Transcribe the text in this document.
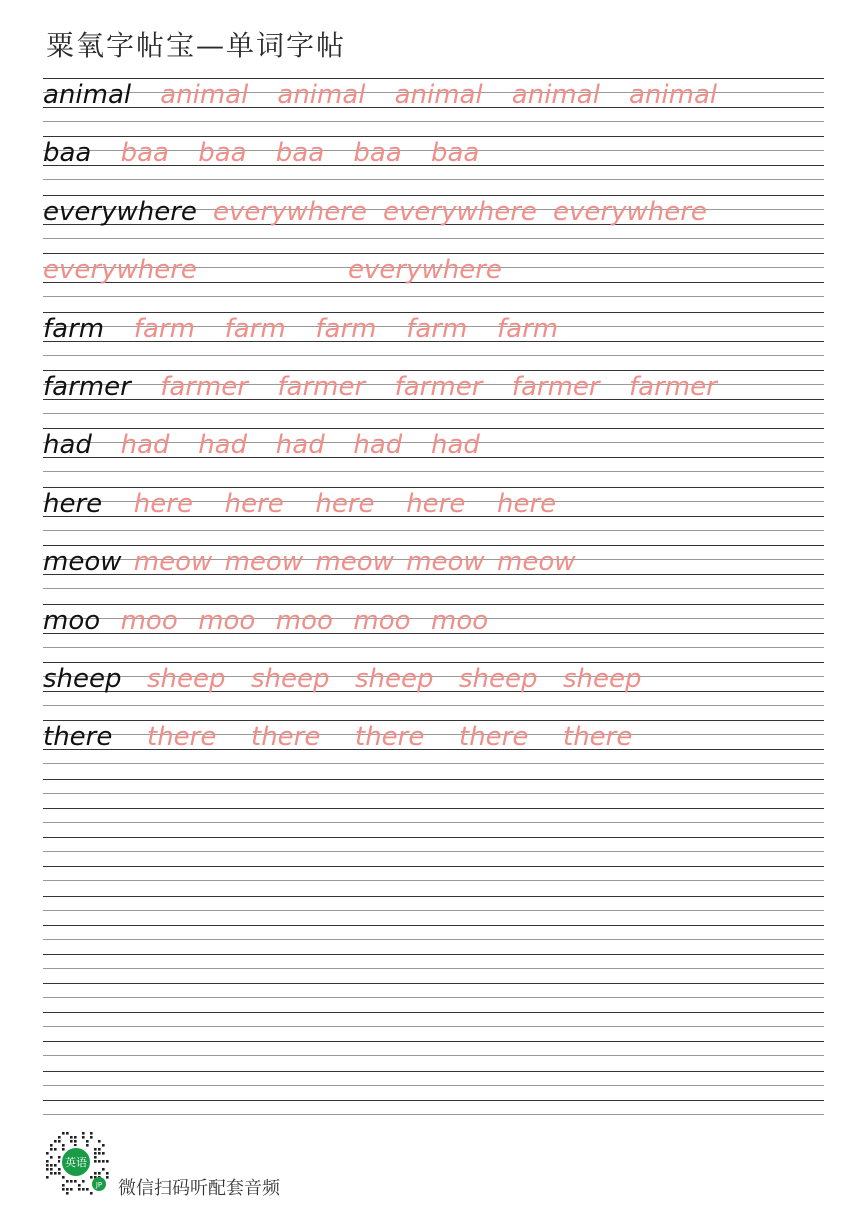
粟氧字帖宝—单词字帖
animal animal animal animal animal animal
baa baa baa baa baa baa
everywhere everywhere everywhere everywhere
everywhere	everywhere
farm farm farm farm farm farm
farmer farmer farmer farmer farmer farmer
had had had had had had
here here here here here here
meow meow meow meow meow meow
moo moo moo moo moo moo
sheep sheep sheep sheep sheep sheep
there there there there there there
英语
JP 微信扫码听配套音频
